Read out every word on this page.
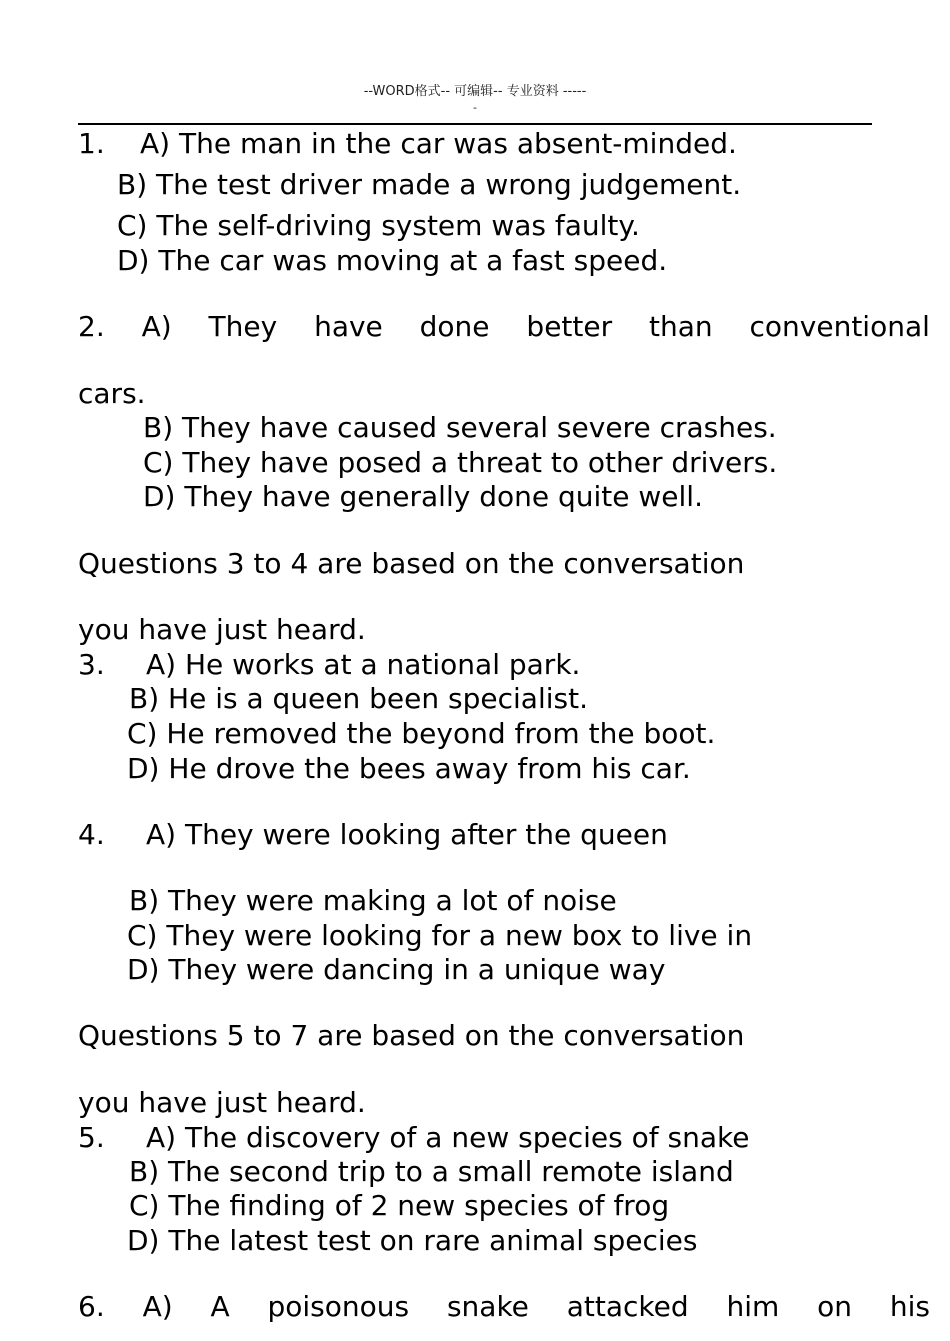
--WORD格式-- 可编辑-- 专业资料 -----
-
1. A) The man in the car was absent-minded.
B) The test driver made a wrong judgement.
C) The self-driving system was faulty.
D) The car was moving at a fast speed.
2. A) They have done better than conventional
cars.
B) They have caused several severe crashes.
C) They have posed a threat to other drivers.
D) They have generally done quite well.
Questions 3 to 4 are based on the conversation
you have just heard.
3. A) He works at a national park.
B) He is a queen been specialist.
C) He removed the beyond from the boot.
D) He drove the bees away from his car.
4. A) They were looking after the queen
B) They were making a lot of noise
C) They were looking for a new box to live in
D) They were dancing in a unique way
Questions 5 to 7 are based on the conversation
you have just heard.
5. A) The discovery of a new species of snake
B) The second trip to a small remote island
C) The finding of 2 new species of frog
D) The latest test on rare animal species
6. A) A poisonous snake attacked him on his
